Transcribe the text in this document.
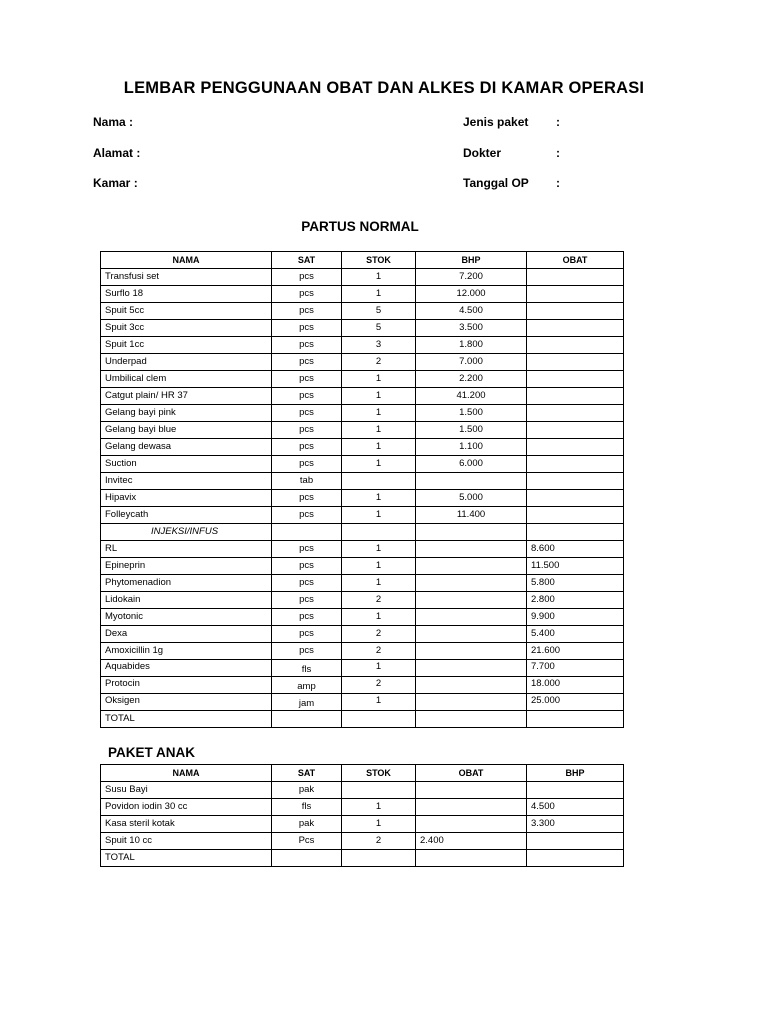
LEMBAR PENGGUNAAN OBAT DAN ALKES DI KAMAR OPERASI
Nama :
Alamat :
Kamar :
Jenis paket :
Dokter	:
Tanggal OP :
PARTUS NORMAL
NAMA	SAT	STOK	BHP	OBAT
Transfusi set	pcs	1	7.200	
Surflo 18	pcs	1	12.000	
Spuit 5cc	pcs	5	4.500	
Spuit 3cc	pcs	5	3.500	
Spuit 1cc	pcs	3	1.800	
Underpad	pcs	2	7.000	
Umbilical clem	pcs	1	2.200	
Catgut plain/ HR 37	pcs	1	41.200	
Gelang bayi pink	pcs	1	1.500	
Gelang bayi blue	pcs	1	1.500	
Gelang dewasa	pcs	1	1.100	
Suction	pcs	1	6.000	
Invitec	tab			
Hipavix	pcs	1	5.000	
Folleycath	pcs	1	11.400	
INJEKSI/INFUS				
RL	pcs	1		8.600
Epineprin	pcs	1		11.500
Phytomenadion	pcs	1		5.800
Lidokain	pcs	2		2.800
Myotonic	pcs	1		9.900
Dexa	pcs	2		5.400
Amoxicillin 1g	pcs	2		21.600
Aquabides	fls	1		7.700
Protocin	amp	2		18.000
Oksigen	jam	1		25.000
TOTAL				
PAKET ANAK
NAMA	SAT	STOK	OBAT	BHP
Susu Bayi	pak			
Povidon iodin 30 cc	fls	1		4.500
Kasa steril kotak	pak	1		3.300
Spuit 10 cc	Pcs	2	2.400	
TOTAL				
